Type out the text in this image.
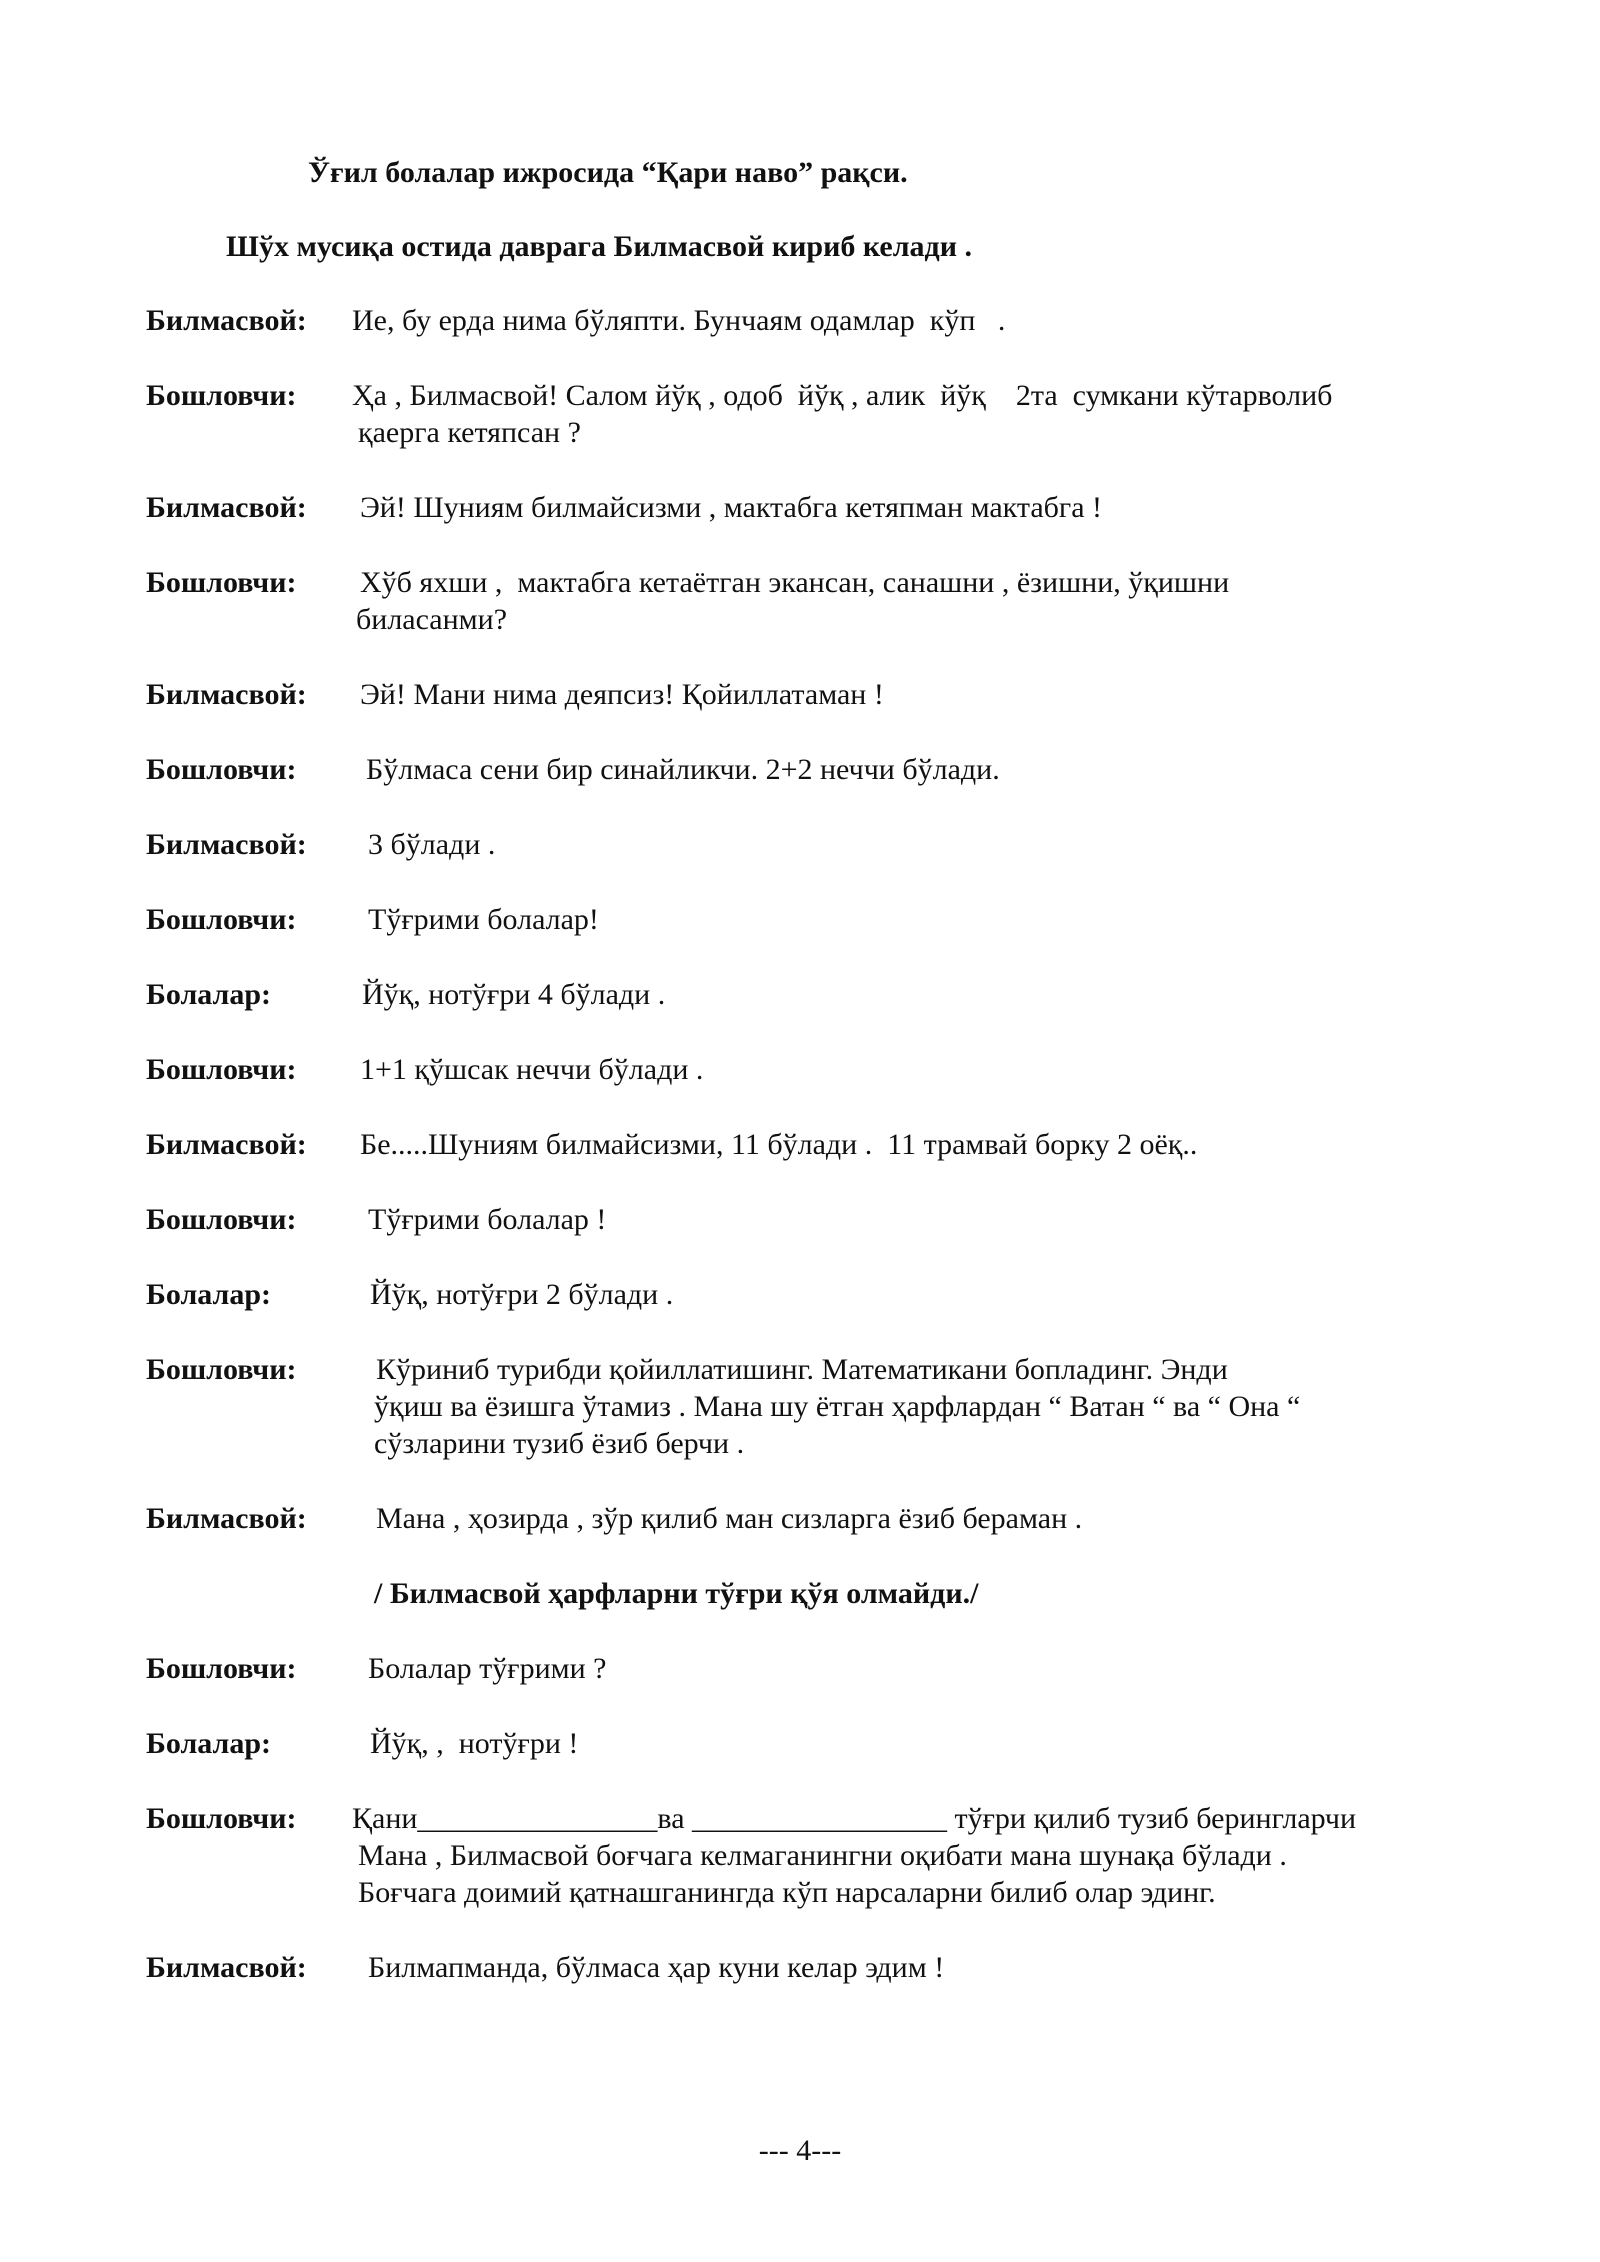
Ўғил болалар ижросида “Қари наво” рақси.
Шўх мусиқа остида даврага Билмасвой кириб келади .
Билмасвой: Ие, бу ерда нима бўляпти. Бунчаям одамлар  кўп   .
Бошловчи: Ҳа , Билмасвой! Салом йўқ , одоб  йўқ , алик  йўқ    2та  сумкани кўтарволиб
қаерга кетяпсан ?
Билмасвой: Эй! Шуниям билмайсизми , мактабга кетяпман мактабга !
Бошловчи: Хўб яхши ,  мактабга кетаётган экансан, санашни , ёзишни, ўқишни
биласанми?
Билмасвой: Эй! Мани нима деяпсиз! Қойиллатаман !
Бошловчи: Бўлмаса сени бир синайликчи. 2+2 неччи бўлади.
Билмасвой: 3 бўлади .
Бошловчи: Тўғрими болалар!
Болалар:	Йўқ, нотўғри 4 бўлади .
Бошловчи: 1+1 қўшсак неччи бўлади .
Билмасвой: Бе.....Шуниям билмайсизми, 11 бўлади .  11 трамвай борку 2 оёқ..
Бошловчи: Тўғрими болалар !
Болалар:	Йўқ, нотўғри 2 бўлади .
Бошловчи:	Кўриниб турибди қойиллатишинг. Математикани бопладинг. Энди
ўқиш ва ёзишга ўтамиз . Мана шу ётган ҳарфлардан “ Ватан “ ва “ Она “
сўзларини тузиб ёзиб берчи .
Билмасвой: Мана , ҳозирда , зўр қилиб ман сизларга ёзиб бераман .
/ Билмасвой ҳарфларни тўғри қўя олмайди./
Бошловчи: Болалар тўғрими ?
Болалар:	Йўқ, ,  нотўғри !
Бошловчи: Қани________________ва _________________ тўғри қилиб тузиб берингларчи
Мана , Билмасвой боғчага келмаганингни оқибати мана шунақа бўлади .
Боғчага доимий қатнашганингда кўп нарсаларни билиб олар эдинг.
Билмасвой: Билмапманда, бўлмаса ҳар куни келар эдим !
--- 4---
